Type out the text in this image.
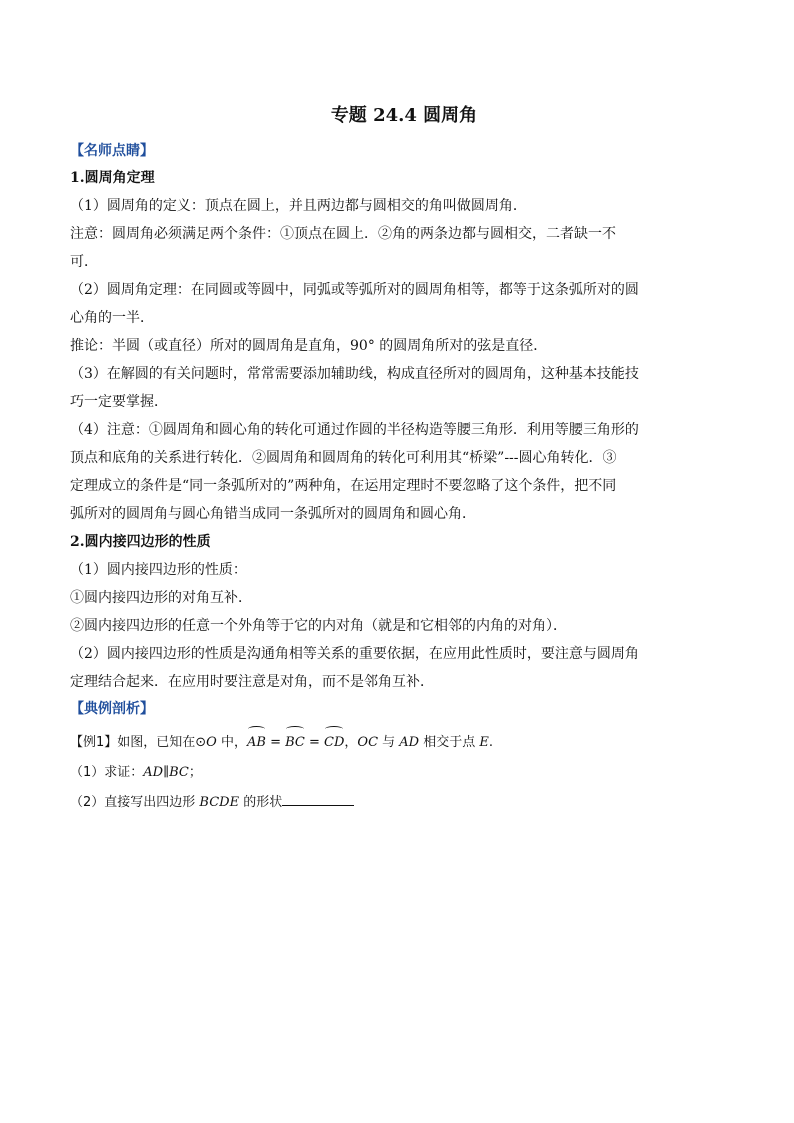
专题 24.4 圆周角
【名师点睛】
1.圆周角定理
（1）圆周角的定义：顶点在圆上，并且两边都与圆相交的角叫做圆周角．
注意：圆周角必须满足两个条件：①顶点在圆上．②角的两条边都与圆相交，二者缺一不
可．
（2）圆周角定理：在同圆或等圆中，同弧或等弧所对的圆周角相等，都等于这条弧所对的圆
心角的一半．
推论：半圆（或直径）所对的圆周角是直角，90° 的圆周角所对的弦是直径．
（3）在解圆的有关问题时，常常需要添加辅助线，构成直径所对的圆周角，这种基本技能技
巧一定要掌握．
（4）注意：①圆周角和圆心角的转化可通过作圆的半径构造等腰三角形．利用等腰三角形的
顶点和底角的关系进行转化．②圆周角和圆周角的转化可利用其“桥梁”---圆心角转化．③
定理成立的条件是“同一条弧所对的”两种角，在运用定理时不要忽略了这个条件，把不同
弧所对的圆周角与圆心角错当成同一条弧所对的圆周角和圆心角．
2.圆内接四边形的性质
（1）圆内接四边形的性质：
①圆内接四边形的对角互补．
②圆内接四边形的任意一个外角等于它的内对角（就是和它相邻的内角的对角）．
（2）圆内接四边形的性质是沟通角相等关系的重要依据，在应用此性质时，要注意与圆周角
定理结合起来．在应用时要注意是对角，而不是邻角互补．
【典例剖析】
【例1】如图，已知在⊙O 中，AB = BC = CD，OC 与 AD 相交于点 E.
（1）求证：AD∥BC；
（2）直接写出四边形 BCDE 的形状
